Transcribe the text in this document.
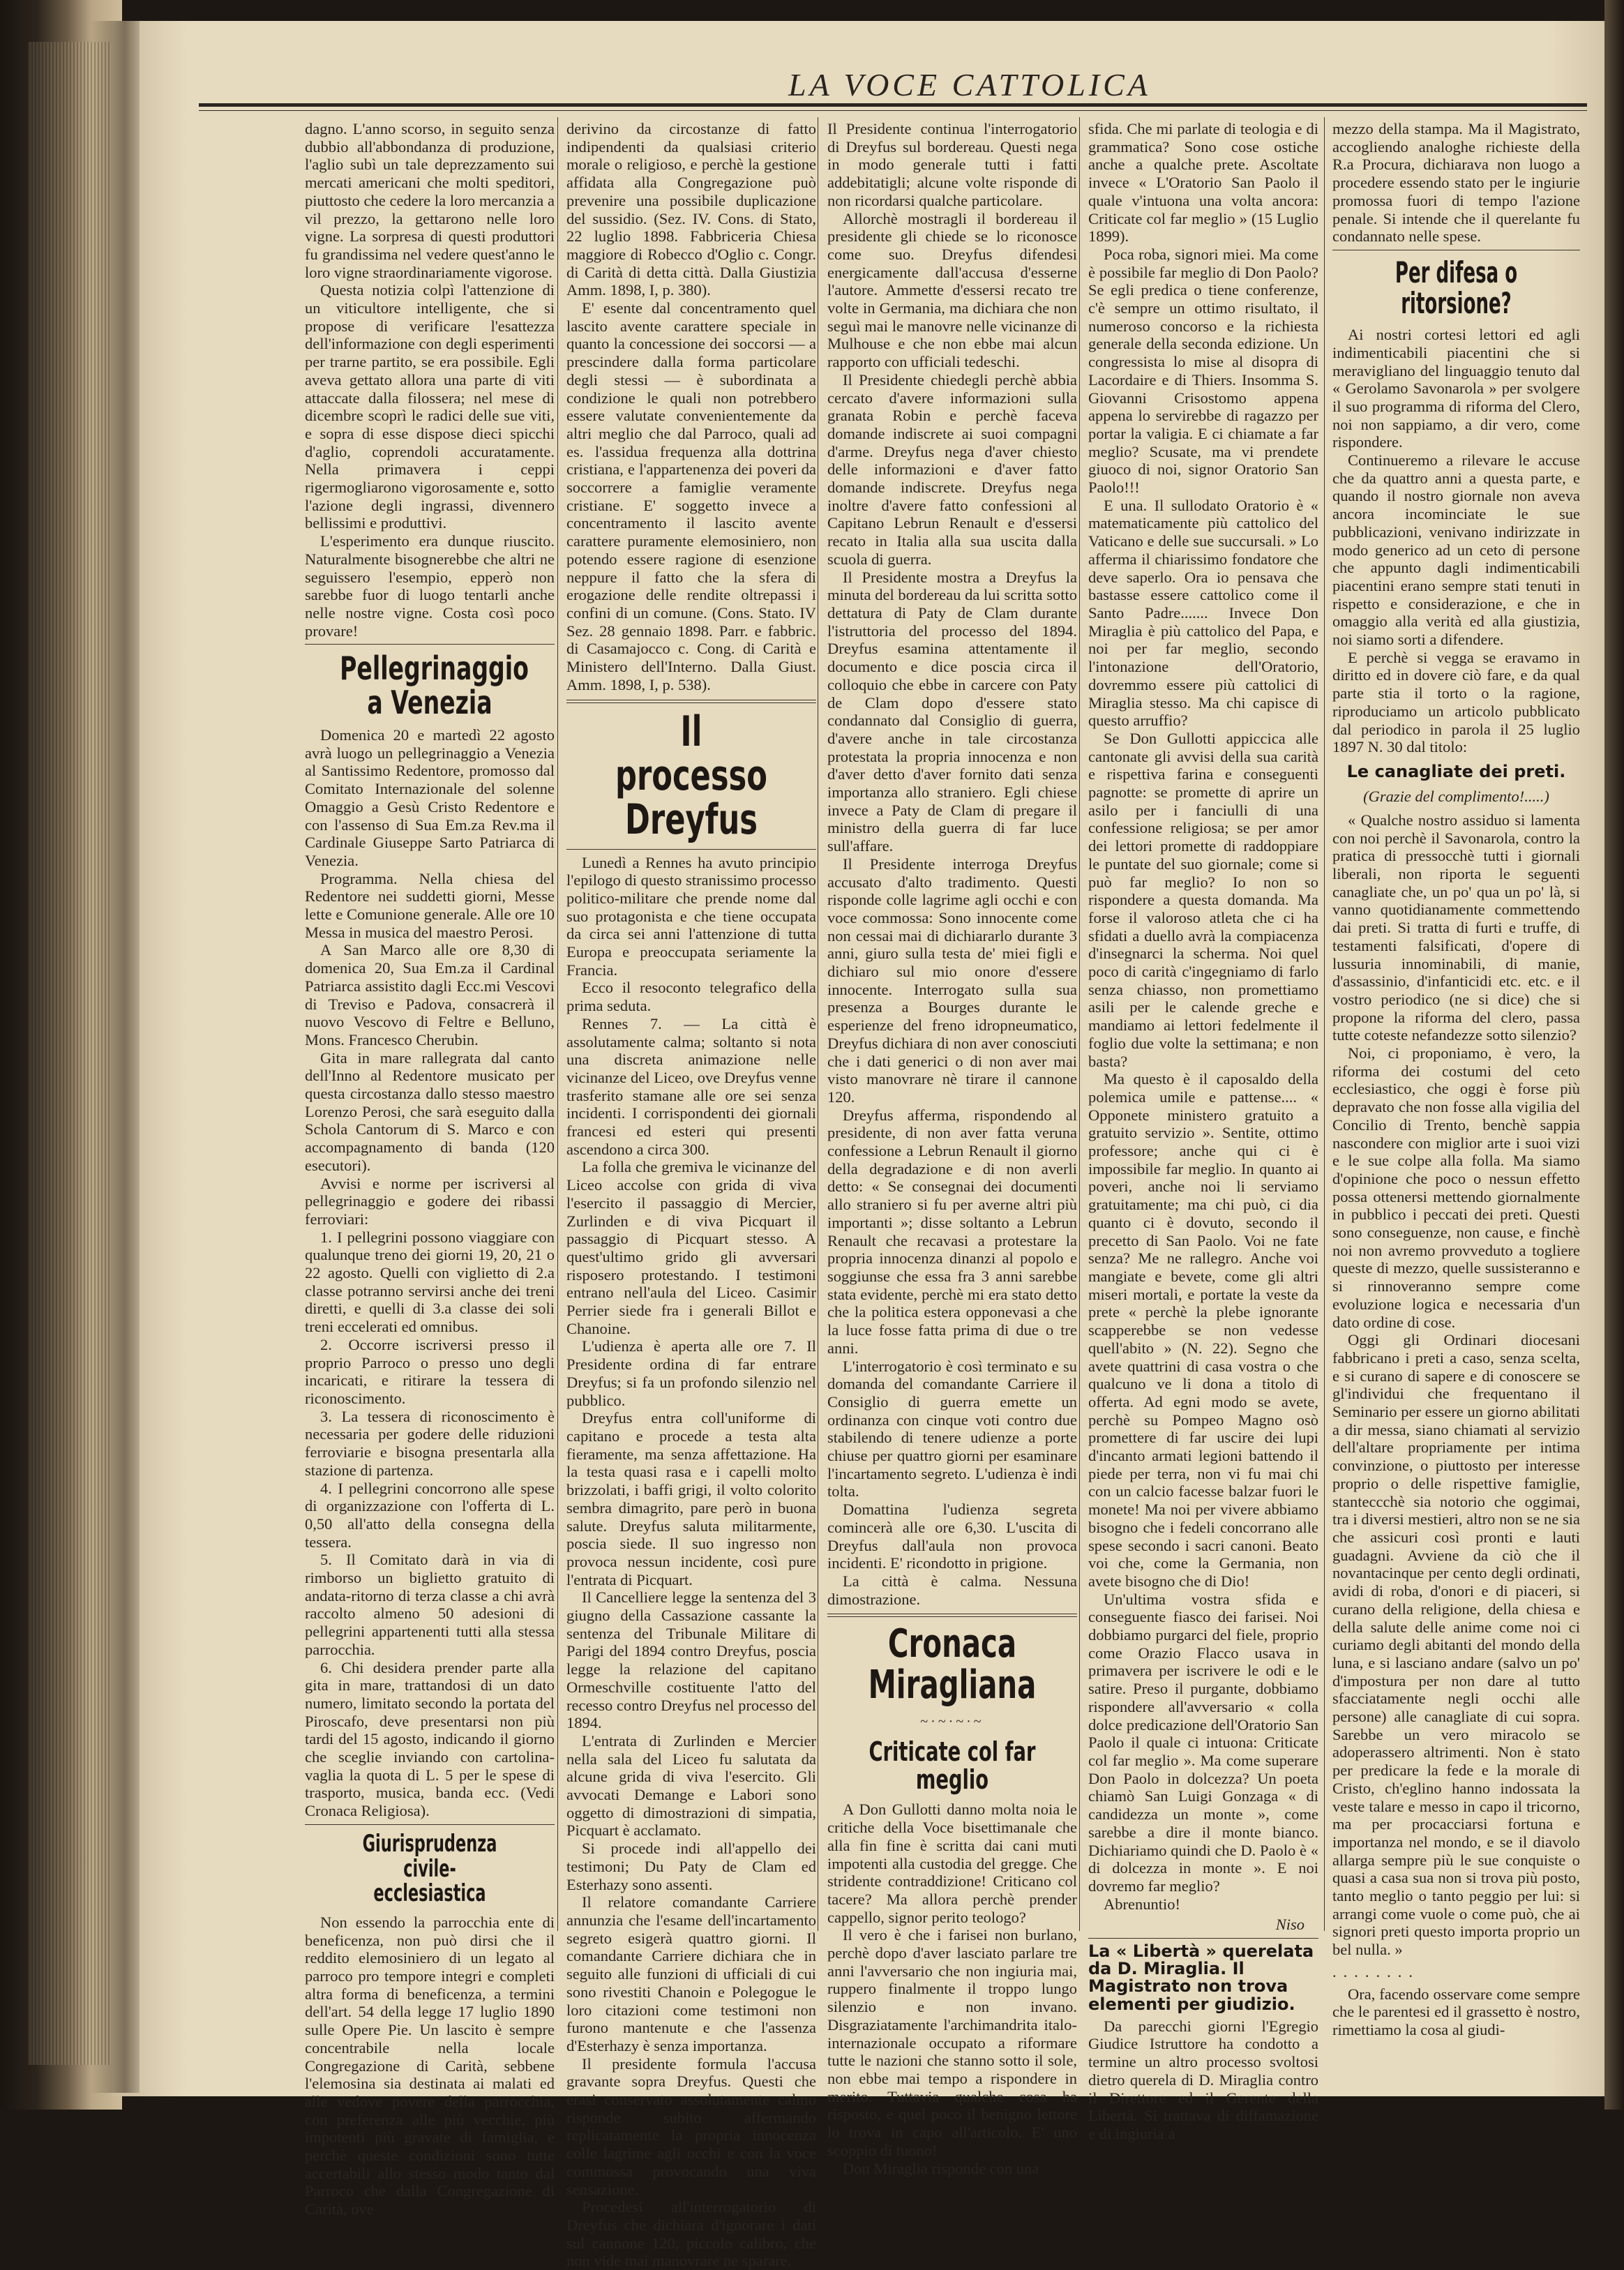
LA VOCE CATTOLICA

dagno. L'anno scorso, in seguito senza dubbio all'abbondanza di produzione, l'aglio subì un tale deprezzamento sui mercati americani che molti speditori, piuttosto che cedere la loro mercanzia a vil prezzo, la gettarono nelle loro vigne. La sorpresa di questi produttori fu grandissima nel vedere quest'anno le loro vigne straordinariamente vigorose.

Questa notizia colpì l'attenzione di un viticultore intelligente, che si propose di verificare l'esattezza dell'informazione con degli esperimenti per trarne partito, se era possibile. Egli aveva gettato allora una parte di viti attaccate dalla filossera; nel mese di dicembre scoprì le radici delle sue viti, e sopra di esse dispose dieci spicchi d'aglio, coprendoli accuratamente. Nella primavera i ceppi rigermogliarono vigorosamente e, sotto l'azione degli ingrassi, divennero bellissimi e produttivi.

L'esperimento era dunque riuscito. Naturalmente bisognerebbe che altri ne seguissero l'esempio, epperò non sarebbe fuor di luogo tentarli anche nelle nostre vigne. Costa così poco provare!

Pellegrinaggio a Venezia

Domenica 20 e martedì 22 agosto avrà luogo un pellegrinaggio a Venezia al Santissimo Redentore, promosso dal Comitato Internazionale del solenne Omaggio a Gesù Cristo Redentore e con l'assenso di Sua Em.za Rev.ma il Cardinale Giuseppe Sarto Patriarca di Venezia.

Programma. Nella chiesa del Redentore nei suddetti giorni, Messe lette e Comunione generale. Alle ore 10 Messa in musica del maestro Perosi.

A San Marco alle ore 8,30 di domenica 20, Sua Em.za il Cardinal Patriarca assistito dagli Ecc.mi Vescovi di Treviso e Padova, consacrerà il nuovo Vescovo di Feltre e Belluno, Mons. Francesco Cherubin.

Gita in mare rallegrata dal canto dell'Inno al Redentore musicato per questa circostanza dallo stesso maestro Lorenzo Perosi, che sarà eseguito dalla Schola Cantorum di S. Marco e con accompagnamento di banda (120 esecutori).

Avvisi e norme per iscriversi al pellegrinaggio e godere dei ribassi ferroviari:

1. I pellegrini possono viaggiare con qualunque treno dei giorni 19, 20, 21 o 22 agosto. Quelli con viglietto di 2.a classe potranno servirsi anche dei treni diretti, e quelli di 3.a classe dei soli treni eccelerati ed omnibus.

2. Occorre iscriversi presso il proprio Parroco o presso uno degli incaricati, e ritirare la tessera di riconoscimento.

3. La tessera di riconoscimento è necessaria per godere delle riduzioni ferroviarie e bisogna presentarla alla stazione di partenza.

4. I pellegrini concorrono alle spese di organizzazione con l'offerta di L. 0,50 all'atto della consegna della tessera.

5. Il Comitato darà in via di rimborso un biglietto gratuito di andata-ritorno di terza classe a chi avrà raccolto almeno 50 adesioni di pellegrini appartenenti tutti alla stessa parrocchia.

6. Chi desidera prender parte alla gita in mare, trattandosi di un dato numero, limitato secondo la portata del Piroscafo, deve presentarsi non più tardi del 15 agosto, indicando il giorno che sceglie inviando con cartolina-vaglia la quota di L. 5 per le spese di trasporto, musica, banda ecc. (Vedi Cronaca Religiosa).

Giurisprudenza civile-ecclesiastica

Non essendo la parrocchia ente di beneficenza, non può dirsi che il reddito elemosiniero di un legato al parroco pro tempore integri e completi altra forma di beneficenza, a termini dell'art. 54 della legge 17 luglio 1890 sulle Opere Pie. Un lascito è sempre concentrabile nella locale Congregazione di Carità, sebbene l'elemosina sia destinata ai malati ed alle vedove povere della parrocchia, con preferenza alle più vecchie, più impotenti più gravate di famiglia, e perchè queste condizioni sono tutte accertabili allo stesso modo tanto dal Parroco che dalla Congregazione di Carità, ove

derivino da circostanze di fatto indipendenti da qualsiasi criterio morale o religioso, e perchè la gestione affidata alla Congregazione può prevenire una possibile duplicazione del sussidio. (Sez. IV. Cons. di Stato, 22 luglio 1898. Fabbriceria Chiesa maggiore di Robecco d'Oglio c. Congr. di Carità di detta città. Dalla Giustizia Amm. 1898, I, p. 380).

E' esente dal concentramento quel lascito avente carattere speciale in quanto la concessione dei soccorsi — a prescindere dalla forma particolare degli stessi — è subordinata a condizione le quali non potrebbero essere valutate convenientemente da altri meglio che dal Parroco, quali ad es. l'assidua frequenza alla dottrina cristiana, e l'appartenenza dei poveri da soccorrere a famiglie veramente cristiane. E' soggetto invece a concentramento il lascito avente carattere puramente elemosiniero, non potendo essere ragione di esenzione neppure il fatto che la sfera di erogazione delle rendite oltrepassi i confini di un comune. (Cons. Stato. IV Sez. 28 gennaio 1898. Parr. e fabbric. di Casamajocco c. Cong. di Carità e Ministero dell'Interno. Dalla Giust. Amm. 1898, I, p. 538).

Il processo Dreyfus

Lunedì a Rennes ha avuto principio l'epilogo di questo stranissimo processo politico-militare che prende nome dal suo protagonista e che tiene occupata da circa sei anni l'attenzione di tutta Europa e preoccupata seriamente la Francia.

Ecco il resoconto telegrafico della prima seduta.

Rennes 7. — La città è assolutamente calma; soltanto si nota una discreta animazione nelle vicinanze del Liceo, ove Dreyfus venne trasferito stamane alle ore sei senza incidenti. I corrispondenti dei giornali francesi ed esteri qui presenti ascendono a circa 300.

La folla che gremiva le vicinanze del Liceo accolse con grida di viva l'esercito il passaggio di Mercier, Zurlinden e di viva Picquart il passaggio di Picquart stesso. A quest'ultimo grido gli avversari risposero protestando. I testimoni entrano nell'aula del Liceo. Casimir Perrier siede fra i generali Billot e Chanoine.

L'udienza è aperta alle ore 7. Il Presidente ordina di far entrare Dreyfus; si fa un profondo silenzio nel pubblico.

Dreyfus entra coll'uniforme di capitano e procede a testa alta fieramente, ma senza affettazione. Ha la testa quasi rasa e i capelli molto brizzolati, i baffi grigi, il volto colorito sembra dimagrito, pare però in buona salute. Dreyfus saluta militarmente, poscia siede. Il suo ingresso non provoca nessun incidente, così pure l'entrata di Picquart.

Il Cancelliere legge la sentenza del 3 giugno della Cassazione cassante la sentenza del Tribunale Militare di Parigi del 1894 contro Dreyfus, poscia legge la relazione del capitano Ormeschville costituente l'atto del recesso contro Dreyfus nel processo del 1894.

L'entrata di Zurlinden e Mercier nella sala del Liceo fu salutata da alcune grida di viva l'esercito. Gli avvocati Demange e Labori sono oggetto di dimostrazioni di simpatia, Picquart è acclamato.

Si procede indi all'appello dei testimoni; Du Paty de Clam ed Esterhazy sono assenti.

Il relatore comandante Carriere annunzia che l'esame dell'incartamento segreto esigerà quattro giorni. Il comandante Carriere dichiara che in seguito alle funzioni di ufficiali di cui sono rivestiti Chanoin e Polegogue le loro citazioni come testimoni non furono mantenute e che l'assenza d'Esterhazy è senza importanza.

Il presidente formula l'accusa gravante sopra Dreyfus. Questi che erasi conservato assolutamente calmo risponde subito affermando replicatamente la propria innocenza colle lagrime agli occhi e con la voce commossa provocando una viva sensazione.

Procedesi all'interrogatorio di Dreyfus che dichiara d'ignorare i dati sul cannone 120, piccolo calibro, che non vide mai manovrare ne sparare.

Il Presidente continua l'interrogatorio di Dreyfus sul bordereau. Questi nega in modo generale tutti i fatti addebitatigli; alcune volte risponde di non ricordarsi qualche particolare.

Allorchè mostragli il bordereau il presidente gli chiede se lo riconosce come suo. Dreyfus difendesi energicamente dall'accusa d'esserne l'autore. Ammette d'essersi recato tre volte in Germania, ma dichiara che non seguì mai le manovre nelle vicinanze di Mulhouse e che non ebbe mai alcun rapporto con ufficiali tedeschi.

Il Presidente chiedegli perchè abbia cercato d'avere informazioni sulla granata Robin e perchè faceva domande indiscrete ai suoi compagni d'arme. Dreyfus nega d'aver chiesto delle informazioni e d'aver fatto domande indiscrete. Dreyfus nega inoltre d'avere fatto confessioni al Capitano Lebrun Renault e d'essersi recato in Italia alla sua uscita dalla scuola di guerra.

Il Presidente mostra a Dreyfus la minuta del bordereau da lui scritta sotto dettatura di Paty de Clam durante l'istruttoria del processo del 1894. Dreyfus esamina attentamente il documento e dice poscia circa il colloquio che ebbe in carcere con Paty de Clam dopo d'essere stato condannato dal Consiglio di guerra, d'avere anche in tale circostanza protestata la propria innocenza e non d'aver detto d'aver fornito dati senza importanza allo straniero. Egli chiese invece a Paty de Clam di pregare il ministro della guerra di far luce sull'affare.

Il Presidente interroga Dreyfus accusato d'alto tradimento. Questi risponde colle lagrime agli occhi e con voce commossa: Sono innocente come non cessai mai di dichiararlo durante 3 anni, giuro sulla testa de' miei figli e dichiaro sul mio onore d'essere innocente. Interrogato sulla sua presenza a Bourges durante le esperienze del freno idropneumatico, Dreyfus dichiara di non aver conosciuti che i dati generici o di non aver mai visto manovrare nè tirare il cannone 120.

Dreyfus afferma, rispondendo al presidente, di non aver fatta veruna confessione a Lebrun Renault il giorno della degradazione e di non averli detto: « Se consegnai dei documenti allo straniero si fu per averne altri più importanti »; disse soltanto a Lebrun Renault che recavasi a protestare la propria innocenza dinanzi al popolo e soggiunse che essa fra 3 anni sarebbe stata evidente, perchè mi era stato detto che la politica estera opponevasi a che la luce fosse fatta prima di due o tre anni.

L'interrogatorio è così terminato e su domanda del comandante Carriere il Consiglio di guerra emette un ordinanza con cinque voti contro due stabilendo di tenere udienze a porte chiuse per quattro giorni per esaminare l'incartamento segreto. L'udienza è indi tolta.

Domattina l'udienza segreta comincerà alle ore 6,30. L'uscita di Dreyfus dall'aula non provoca incidenti. E' ricondotto in prigione.

La città è calma. Nessuna dimostrazione.

Cronaca Miragliana
~·~·~·~
Criticate col far meglio

A Don Gullotti danno molta noia le critiche della Voce bisettimanale che alla fin fine è scritta dai cani muti impotenti alla custodia del gregge. Che stridente contraddizione! Criticano col tacere? Ma allora perchè prender cappello, signor perito teologo?

Il vero è che i farisei non burlano, perchè dopo d'aver lasciato parlare tre anni l'avversario che non ingiuria mai, ruppero finalmente il troppo lungo silenzio e non invano. Disgraziatamente l'archimandrita italo-internazionale occupato a riformare tutte le nazioni che stanno sotto il sole, non ebbe mai tempo a rispondere in merito. Tuttavia qualche cosa ha risposto, e quel poco il benigno lettore lo trova in capo all'articolo. E' uno scoppio di tuono!

Don Miraglia risponde con una

sfida. Che mi parlate di teologia e di grammatica? Sono cose ostiche anche a qualche prete. Ascoltate invece « L'Oratorio San Paolo il quale v'intuona una volta ancora: Criticate col far meglio » (15 Luglio 1899).

Poca roba, signori miei. Ma come è possibile far meglio di Don Paolo? Se egli predica o tiene conferenze, c'è sempre un ottimo risultato, il numeroso concorso e la richiesta generale della seconda edizione. Un congressista lo mise al disopra di Lacordaire e di Thiers. Insomma S. Giovanni Crisostomo appena appena lo servirebbe di ragazzo per portar la valigia. E ci chiamate a far meglio? Scusate, ma vi prendete giuoco di noi, signor Oratorio San Paolo!!!

E una. Il sullodato Oratorio è « matematicamente più cattolico del Vaticano e delle sue succursali. » Lo afferma il chiarissimo fondatore che deve saperlo. Ora io pensava che bastasse essere cattolico come il Santo Padre....... Invece Don Miraglia è più cattolico del Papa, e noi per far meglio, secondo l'intonazione dell'Oratorio, dovremmo essere più cattolici di Miraglia stesso. Ma chi capisce di questo arruffio?

Se Don Gullotti appiccica alle cantonate gli avvisi della sua carità e rispettiva farina e conseguenti pagnotte: se promette di aprire un asilo per i fanciulli di una confessione religiosa; se per amor dei lettori promette di raddoppiare le puntate del suo giornale; come si può far meglio? Io non so rispondere a questa domanda. Ma forse il valoroso atleta che ci ha sfidati a duello avrà la compiacenza d'insegnarci la scherma. Noi quel poco di carità c'ingegniamo di farlo senza chiasso, non promettiamo asili per le calende greche e mandiamo ai lettori fedelmente il foglio due volte la settimana; e non basta?

Ma questo è il caposaldo della polemica umile e pattense.... « Opponete ministero gratuito a gratuito servizio ». Sentite, ottimo professore; anche qui ci è impossibile far meglio. In quanto ai poveri, anche noi li serviamo gratuitamente; ma chi può, ci dia quanto ci è dovuto, secondo il precetto di San Paolo. Voi ne fate senza? Me ne rallegro. Anche voi mangiate e bevete, come gli altri miseri mortali, e portate la veste da prete « perchè la plebe ignorante scapperebbe se non vedesse quell'abito » (N. 22). Segno che avete quattrini di casa vostra o che qualcuno ve li dona a titolo di offerta. Ad egni modo se avete, perchè su Pompeo Magno osò promettere di far uscire dei lupi d'incanto armati legioni battendo il piede per terra, non vi fu mai chi con un calcio facesse balzar fuori le monete! Ma noi per vivere abbiamo bisogno che i fedeli concorrano alle spese secondo i sacri canoni. Beato voi che, come la Germania, non avete bisogno che di Dio!

Un'ultima vostra sfida e conseguente fiasco dei farisei. Noi dobbiamo purgarci del fiele, proprio come Orazio Flacco usava in primavera per iscrivere le odi e le satire. Preso il purgante, dobbiamo rispondere all'avversario « colla dolce predicazione dell'Oratorio San Paolo il quale ci intuona: Criticate col far meglio ». Ma come superare Don Paolo in dolcezza? Un poeta chiamò San Luigi Gonzaga « di candidezza un monte », come sarebbe a dire il monte bianco. Dichiariamo quindi che D. Paolo è « di dolcezza in monte ». E noi dovremo far meglio?

Abrenuntio!

Niso
La « Libertà » querelata da D. Miraglia. Il Magistrato non trova elementi per giudizio.

Da parecchi giorni l'Egregio Giudice Istruttore ha condotto a termine un altro processo svoltosi dietro querela di D. Miraglia contro il Direttore ed il Gerente della Libertà. Si trattava di diffamazione e di ingiuria a

mezzo della stampa. Ma il Magistrato, accogliendo analoghe richieste della R.a Procura, dichiarava non luogo a procedere essendo stato per le ingiurie promossa fuori di tempo l'azione penale. Si intende che il querelante fu condannato nelle spese.

Per difesa o ritorsione?

Ai nostri cortesi lettori ed agli indimenticabili piacentini che si meravigliano del linguaggio tenuto dal « Gerolamo Savonarola » per svolgere il suo programma di riforma del Clero, noi non sappiamo, a dir vero, come rispondere.

Continueremo a rilevare le accuse che da quattro anni a questa parte, e quando il nostro giornale non aveva ancora incominciate le sue pubblicazioni, venivano indirizzate in modo generico ad un ceto di persone che appunto dagli indimenticabili piacentini erano sempre stati tenuti in rispetto e considerazione, e che in omaggio alla verità ed alla giustizia, noi siamo sorti a difendere.

E perchè si vegga se eravamo in diritto ed in dovere ciò fare, e da qual parte stia il torto o la ragione, riproduciamo un articolo pubblicato dal periodico in parola il 25 luglio 1897 N. 30 dal titolo:

Le canagliate dei preti.
(Grazie del complimento!.....)

« Qualche nostro assiduo si lamenta con noi perchè il Savonarola, contro la pratica di pressocchè tutti i giornali liberali, non riporta le seguenti canagliate che, un po' qua un po' là, si vanno quotidianamente commettendo dai preti. Si tratta di furti e truffe, di testamenti falsificati, d'opere di lussuria innominabili, di manie, d'assassinio, d'infanticidi etc. etc. e il vostro periodico (ne si dice) che si propone la riforma del clero, passa tutte coteste nefandezze sotto silenzio?

Noi, ci proponiamo, è vero, la riforma dei costumi del ceto ecclesiastico, che oggi è forse più depravato che non fosse alla vigilia del Concilio di Trento, benchè sappia nascondere con miglior arte i suoi vizi e le sue colpe alla folla. Ma siamo d'opinione che poco o nessun effetto possa ottenersi mettendo giornalmente in pubblico i peccati dei preti. Questi sono conseguenze, non cause, e finchè noi non avremo provveduto a togliere queste di mezzo, quelle sussisteranno e si rinnoveranno sempre come evoluzione logica e necessaria d'un dato ordine di cose.

Oggi gli Ordinari diocesani fabbricano i preti a caso, senza scelta, e si curano di sapere e di conoscere se gl'individui che frequentano il Seminario per essere un giorno abilitati a dir messa, siano chiamati al servizio dell'altare propriamente per intima convinzione, o piuttosto per interesse proprio o delle rispettive famiglie, stanteccchè sia notorio che oggimai, tra i diversi mestieri, altro non se ne sia che assicuri così pronti e lauti guadagni. Avviene da ciò che il novantacinque per cento degli ordinati, avidi di roba, d'onori e di piaceri, si curano della religione, della chiesa e della salute delle anime come noi ci curiamo degli abitanti del mondo della luna, e si lasciano andare (salvo un po' d'impostura per non dare al tutto sfacciatamente negli occhi alle persone) alle canagliate di cui sopra. Sarebbe un vero miracolo se adoperassero altrimenti. Non è stato per predicare la fede e la morale di Cristo, ch'eglino hanno indossata la veste talare e messo in capo il tricorno, ma per procacciarsi fortuna e importanza nel mondo, e se il diavolo allarga sempre più le sue conquiste o quasi a casa sua non si trova più posto, tanto meglio o tanto peggio per lui: si arrangi come vuole o come può, che ai signori preti questo importa proprio un bel nulla. »

........

Ora, facendo osservare come sempre che le parentesi ed il grassetto è nostro, rimettiamo la cosa al giudi-
